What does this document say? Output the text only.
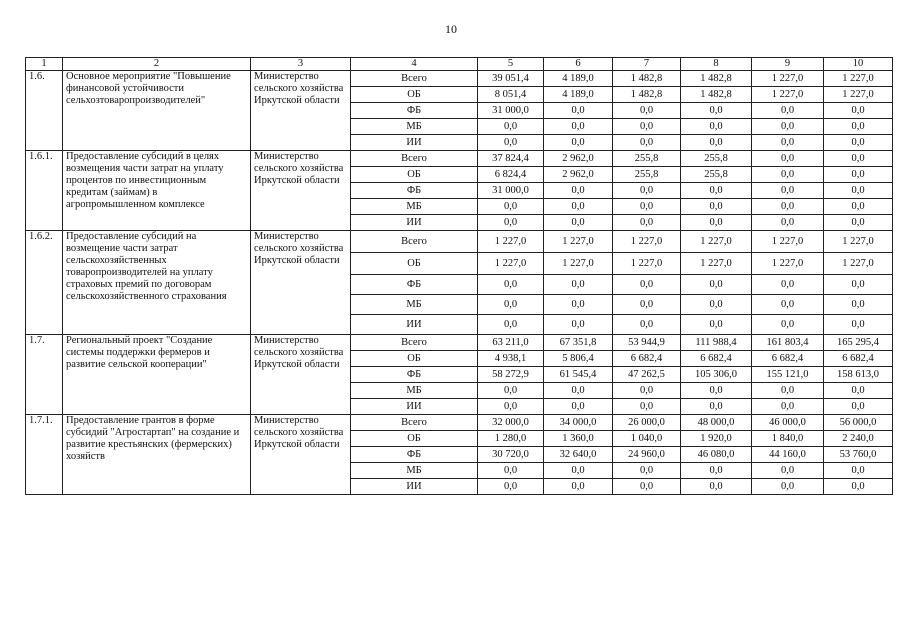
10
1	2	3	4	5	6	7	8	9	10
1.6.	Основное мероприятие "Повышение финансовой устойчивости сельхозтоваропроизводителей"	Министерство сельского хозяйства Иркутской области	Всего	39 051,4	4 189,0	1 482,8	1 482,8	1 227,0	1 227,0
			ОБ	8 051,4	4 189,0	1 482,8	1 482,8	1 227,0	1 227,0
			ФБ	31 000,0	0,0	0,0	0,0	0,0	0,0
			МБ	0,0	0,0	0,0	0,0	0,0	0,0
			ИИ	0,0	0,0	0,0	0,0	0,0	0,0
1.6.1.	Предоставление субсидий в целях возмещения части затрат на уплату процентов по инвестиционным кредитам (займам) в агропромышленном комплексе	Министерство сельского хозяйства Иркутской области	Всего	37 824,4	2 962,0	255,8	255,8	0,0	0,0
			ОБ	6 824,4	2 962,0	255,8	255,8	0,0	0,0
			ФБ	31 000,0	0,0	0,0	0,0	0,0	0,0
			МБ	0,0	0,0	0,0	0,0	0,0	0,0
			ИИ	0,0	0,0	0,0	0,0	0,0	0,0
1.6.2.	Предоставление субсидий на возмещение части затрат сельскохозяйственных товаропроизводителей на уплату страховых премий по договорам сельскохозяйственного страхования	Министерство сельского хозяйства Иркутской области	Всего	1 227,0	1 227,0	1 227,0	1 227,0	1 227,0	1 227,0
			ОБ	1 227,0	1 227,0	1 227,0	1 227,0	1 227,0	1 227,0
			ФБ	0,0	0,0	0,0	0,0	0,0	0,0
			МБ	0,0	0,0	0,0	0,0	0,0	0,0
			ИИ	0,0	0,0	0,0	0,0	0,0	0,0
1.7.	Региональный проект "Создание системы поддержки фермеров и развитие сельской кооперации"	Министерство сельского хозяйства Иркутской области	Всего	63 211,0	67 351,8	53 944,9	111 988,4	161 803,4	165 295,4
			ОБ	4 938,1	5 806,4	6 682,4	6 682,4	6 682,4	6 682,4
			ФБ	58 272,9	61 545,4	47 262,5	105 306,0	155 121,0	158 613,0
			МБ	0,0	0,0	0,0	0,0	0,0	0,0
			ИИ	0,0	0,0	0,0	0,0	0,0	0,0
1.7.1.	Предоставление грантов в форме субсидий "Агростартап" на создание и развитие крестьянских (фермерских) хозяйств	Министерство сельского хозяйства Иркутской области	Всего	32 000,0	34 000,0	26 000,0	48 000,0	46 000,0	56 000,0
			ОБ	1 280,0	1 360,0	1 040,0	1 920,0	1 840,0	2 240,0
			ФБ	30 720,0	32 640,0	24 960,0	46 080,0	44 160,0	53 760,0
			МБ	0,0	0,0	0,0	0,0	0,0	0,0
			ИИ	0,0	0,0	0,0	0,0	0,0	0,0
